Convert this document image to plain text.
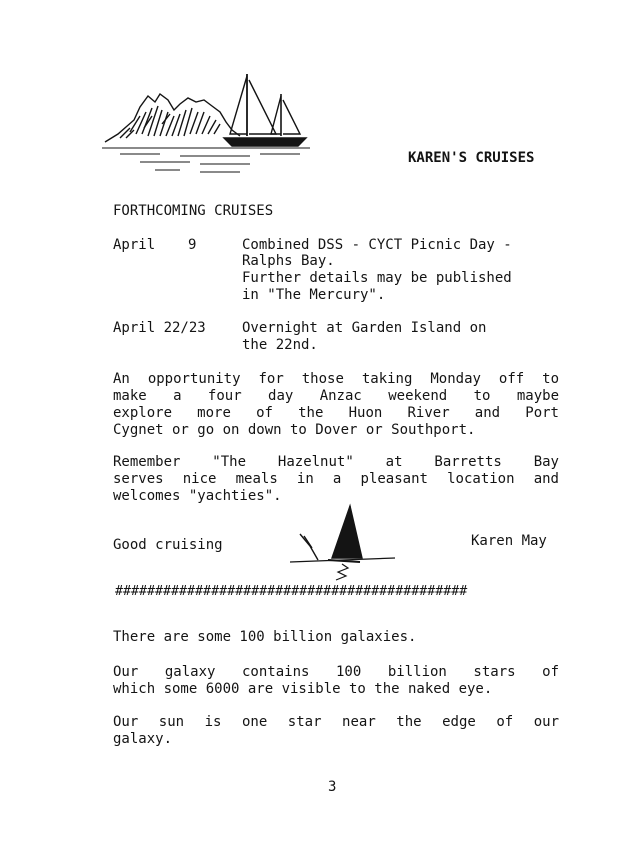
KAREN'S CRUISES
FORTHCOMING CRUISES
April 9	Combined DSS - CYCT Picnic Day -
Ralphs Bay.
Further details may be published
in "The Mercury".
April 22/23	Overnight at Garden Island on
the 22nd.
An opportunity for those taking Monday off to
make a four day Anzac weekend to maybe
explore more of the Huon River and Port
Cygnet or go on down to Dover or Southport.
Remember "The Hazelnut" at Barretts Bay
serves nice meals in a pleasant location and
welcomes "yachties".
Good cruising	Karen May
############################################
There are some 100 billion galaxies.
Our galaxy contains 100 billion stars of
which some 6000 are visible to the naked eye.
Our sun is one star near the edge of our
galaxy.
3
